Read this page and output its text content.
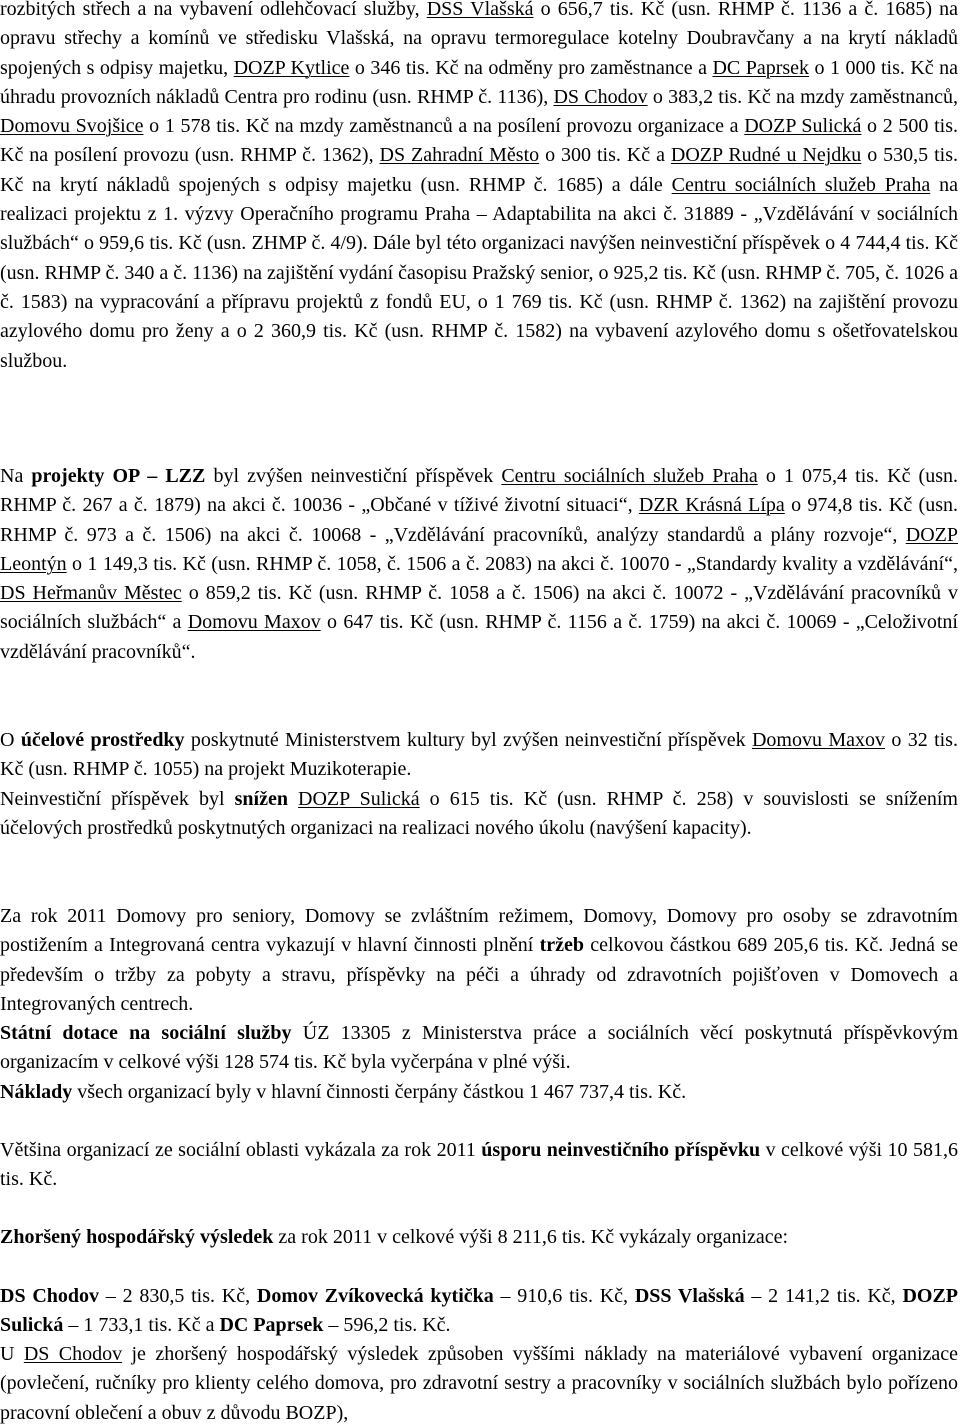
rozbitých střech a na vybavení odlehčovací služby, DSS Vlašská o 656,7 tis. Kč (usn. RHMP č. 1136 a č. 1685) na opravu střechy a komínů ve středisku Vlašská, na opravu termoregulace kotelny Doubravčany a na krytí nákladů spojených s odpisy majetku, DOZP Kytlice o 346 tis. Kč na odměny pro zaměstnance a DC Paprsek o 1 000 tis. Kč na úhradu provozních nákladů Centra pro rodinu (usn. RHMP č. 1136), DS Chodov o 383,2 tis. Kč na mzdy zaměstnanců, Domovu Svojšice o 1 578 tis. Kč na mzdy zaměstnanců a na posílení provozu organizace a DOZP Sulická o 2 500 tis. Kč na posílení provozu (usn. RHMP č. 1362), DS Zahradní Město o 300 tis. Kč a DOZP Rudné u Nejdku o 530,5 tis. Kč na krytí nákladů spojených s odpisy majetku (usn. RHMP č. 1685) a dále Centru sociálních služeb Praha na realizaci projektu z 1. výzvy Operačního programu Praha – Adaptabilita na akci č. 31889 - „Vzdělávání v sociálních službách“ o 959,6 tis. Kč (usn. ZHMP č. 4/9). Dále byl této organizaci navýšen neinvestiční příspěvek o 4 744,4 tis. Kč (usn. RHMP č. 340 a č. 1136) na zajištění vydání časopisu Pražský senior, o 925,2 tis. Kč (usn. RHMP č. 705, č. 1026 a č. 1583) na vypracování a přípravu projektů z fondů EU, o 1 769 tis. Kč (usn. RHMP č. 1362) na zajištění provozu azylového domu pro ženy a o 2 360,9 tis. Kč (usn. RHMP č. 1582) na vybavení azylového domu s ošetřovatelskou službou.

Na projekty OP – LZZ byl zvýšen neinvestiční příspěvek Centru sociálních služeb Praha o 1 075,4 tis. Kč (usn. RHMP č. 267 a č. 1879) na akci č. 10036 - „Občané v tíživé životní situaci“, DZR Krásná Lípa o 974,8 tis. Kč (usn. RHMP č. 973 a č. 1506) na akci č. 10068 - „Vzdělávání pracovníků, analýzy standardů a plány rozvoje“, DOZP Leontýn o 1 149,3 tis. Kč (usn. RHMP č. 1058, č. 1506 a č. 2083) na akci č. 10070 - „Standardy kvality a vzdělávání“, DS Heřmanův Městec o 859,2 tis. Kč (usn. RHMP č. 1058 a č. 1506) na akci č. 10072 - „Vzdělávání pracovníků v sociálních službách“ a Domovu Maxov o 647 tis. Kč (usn. RHMP č. 1156 a č. 1759) na akci č. 10069 - „Celoživotní vzdělávání pracovníků“.

O účelové prostředky poskytnuté Ministerstvem kultury byl zvýšen neinvestiční příspěvek Domovu Maxov o 32 tis. Kč (usn. RHMP č. 1055) na projekt Muzikoterapie.

Neinvestiční příspěvek byl snížen DOZP Sulická o 615 tis. Kč (usn. RHMP č. 258) v souvislosti se snížením účelových prostředků poskytnutých organizaci na realizaci nového úkolu (navýšení kapacity).

Za rok 2011 Domovy pro seniory, Domovy se zvláštním režimem, Domovy, Domovy pro osoby se zdravotním postižením a Integrovaná centra vykazují v hlavní činnosti plnění tržeb celkovou částkou 689 205,6 tis. Kč. Jedná se především o tržby za pobyty a stravu, příspěvky na péči a úhrady od zdravotních pojišťoven v Domovech a Integrovaných centrech.

Státní dotace na sociální služby ÚZ 13305 z Ministerstva práce a sociálních věcí poskytnutá příspěvkovým organizacím v celkové výši 128 574 tis. Kč byla vyčerpána v plné výši.

Náklady všech organizací byly v hlavní činnosti čerpány částkou 1 467 737,4 tis. Kč.

Většina organizací ze sociální oblasti vykázala za rok 2011 úsporu neinvestičního příspěvku v celkové výši 10 581,6 tis. Kč.

Zhoršený hospodářský výsledek za rok 2011 v celkové výši 8 211,6 tis. Kč vykázaly organizace:

DS Chodov – 2 830,5 tis. Kč, Domov Zvíkovecká kytička – 910,6 tis. Kč, DSS Vlašská – 2 141,2 tis. Kč, DOZP Sulická – 1 733,1 tis. Kč a DC Paprsek – 596,2 tis. Kč.

U DS Chodov je zhoršený hospodářský výsledek způsoben vyššími náklady na materiálové vybavení organizace (povlečení, ručníky pro klienty celého domova, pro zdravotní sestry a pracovníky v sociálních službách bylo pořízeno pracovní oblečení a obuv z důvodu BOZP),
